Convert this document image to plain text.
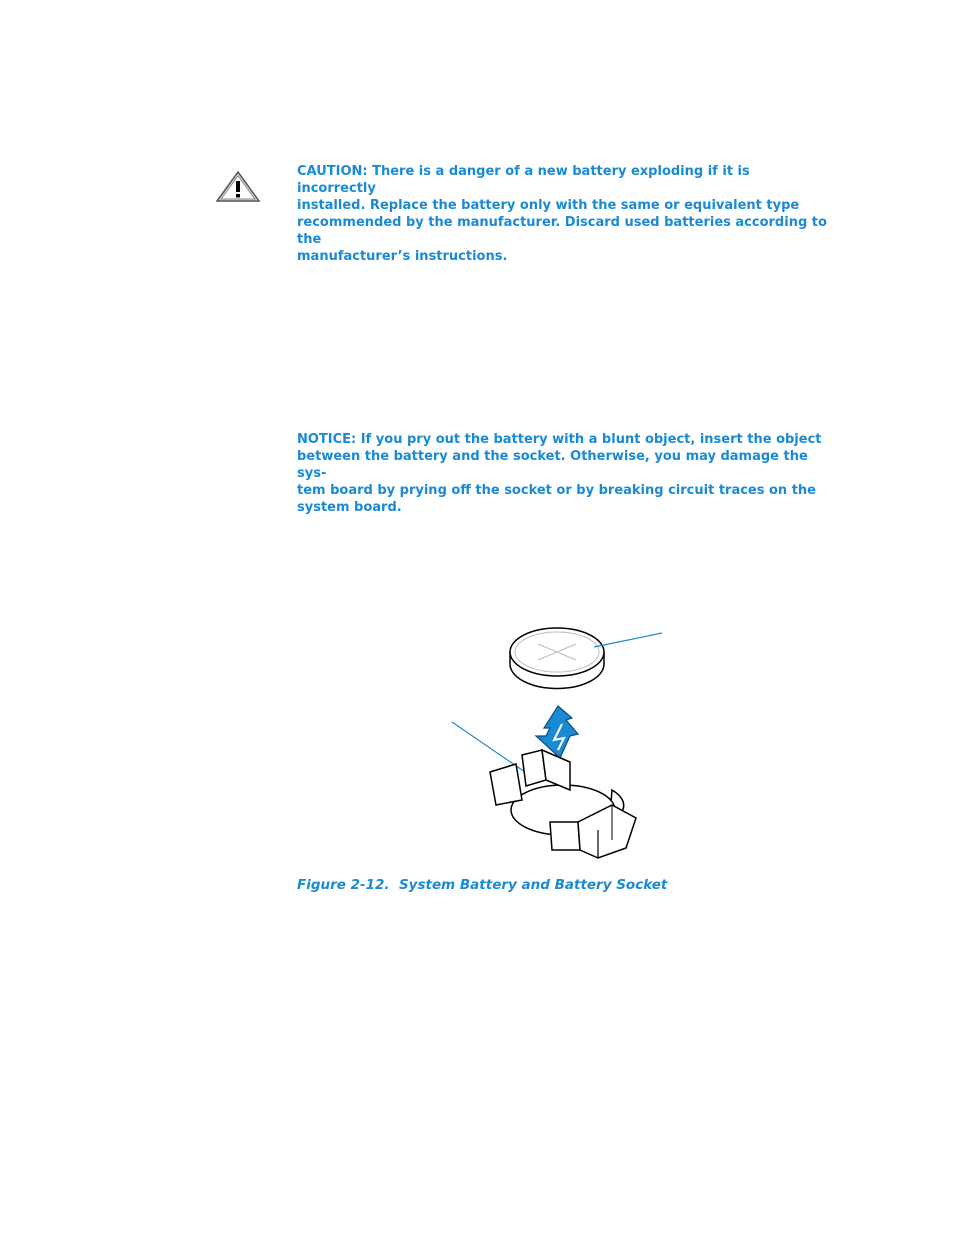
CAUTION: There is a danger of a new battery exploding if it is incorrectly
installed. Replace the battery only with the same or equivalent type
recommended by the manufacturer. Discard used batteries according to the
manufacturer’s instructions.

NOTICE: If you pry out the battery with a blunt object, insert the object
between the battery and the socket. Otherwise, you may damage the sys-
tem board by prying off the socket or by breaking circuit traces on the
system board.

Figure 2-12.  System Battery and Battery Socket
